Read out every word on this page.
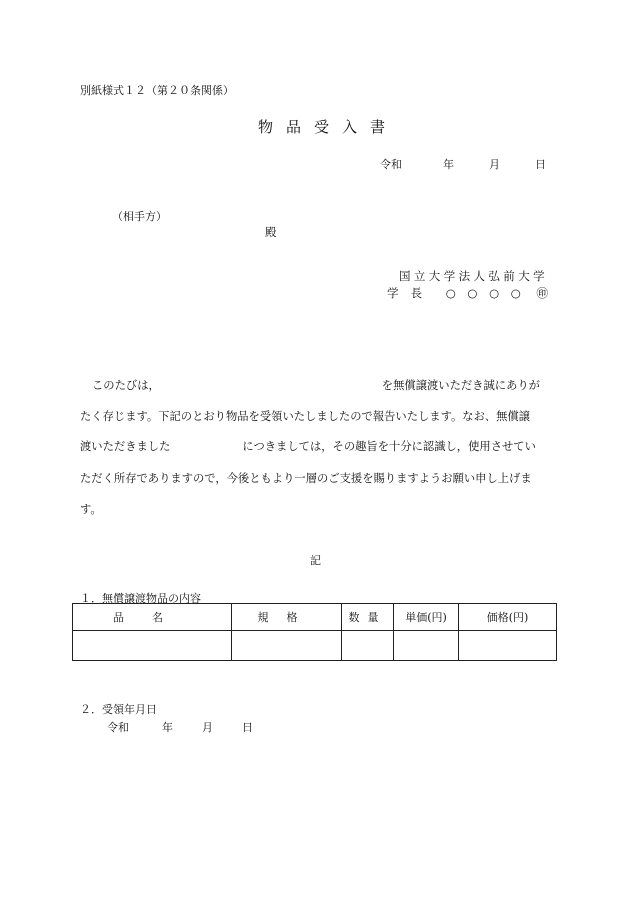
別紙様式１２（第２０条関係）
物品受入書
令和	年	月	日
（相手方）
殿
国立大学法人弘前大学
学長 ○ ○ ○ ○ ㊞
このたびは，	を無償譲渡いただき誠にありが
たく存じます。下記のとおり物品を受領いたしましたので報告いたします。なお、無償譲
渡いただきました	につきましては，その趣旨を十分に認識し，使用させてい
ただく所存でありますので，今後ともより一層のご支援を賜りますようお願い申し上げま
す。
記
１．無償譲渡物品の内容
品名	規格	数量	単価(円)	価格(円)

２．受領年月日
令和	年	月	日
